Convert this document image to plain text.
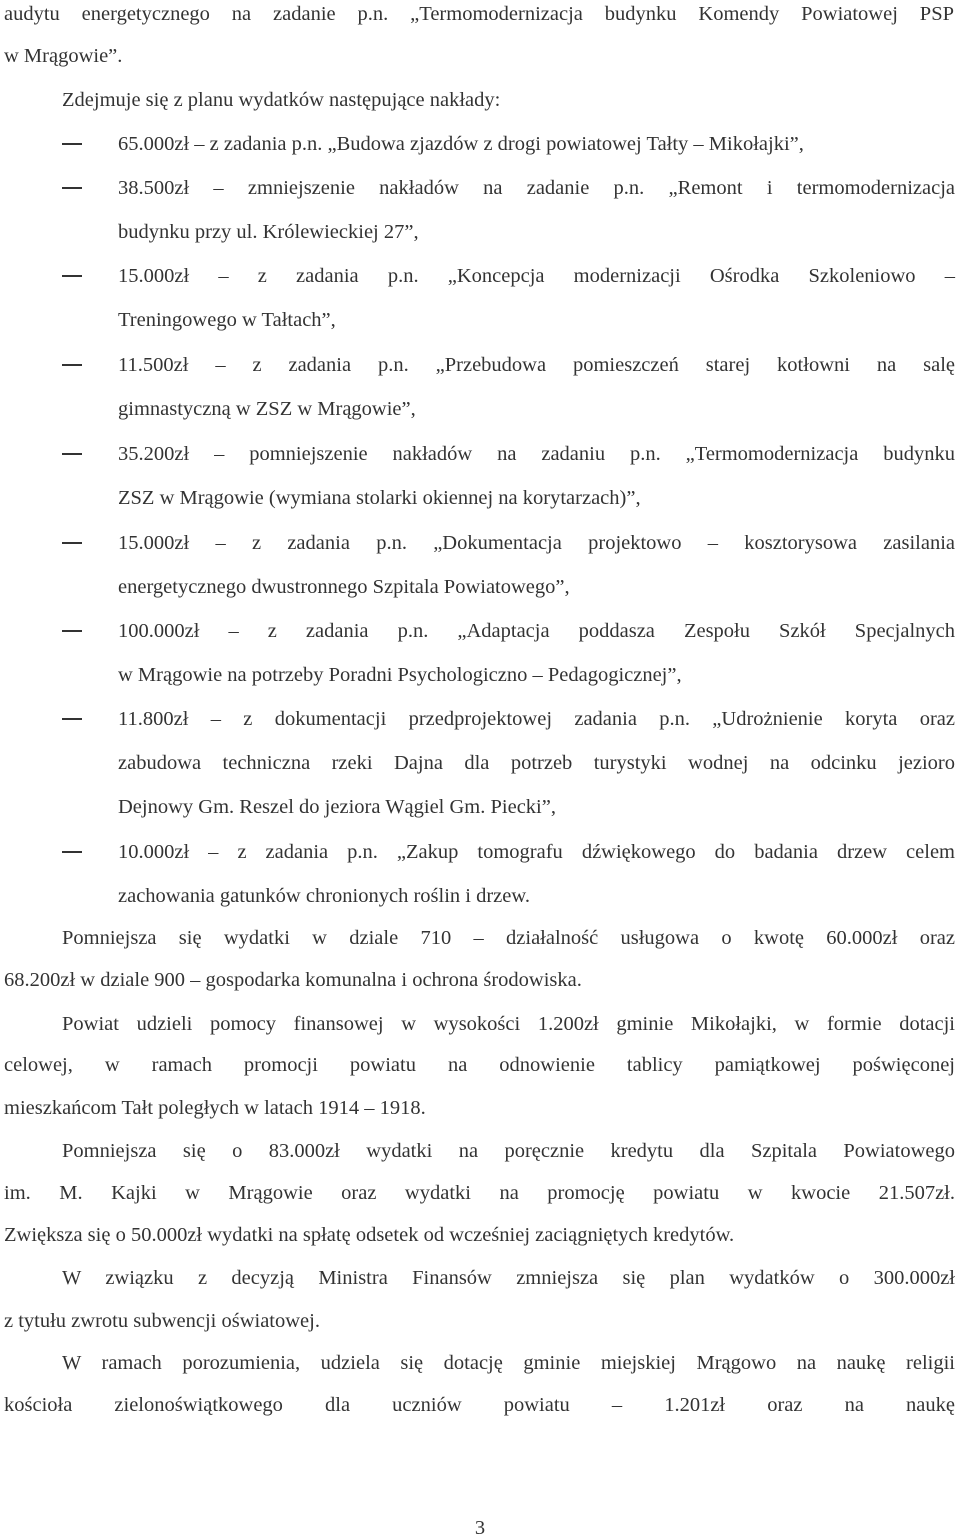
audytu energetycznego na zadanie p.n. „Termomodernizacja budynku Komendy Powiatowej PSP
w Mrągowie”.
Zdejmuje się z planu wydatków następujące nakłady:
65.000zł – z zadania p.n. „Budowa zjazdów z drogi powiatowej Tałty – Mikołajki”,
38.500zł – zmniejszenie nakładów na zadanie p.n. „Remont i termomodernizacja
budynku przy ul. Królewieckiej 27”,
15.000zł – z zadania p.n. „Koncepcja modernizacji Ośrodka Szkoleniowo –
Treningowego w Tałtach”,
11.500zł – z zadania p.n. „Przebudowa pomieszczeń starej kotłowni na salę
gimnastyczną w ZSZ w Mrągowie”,
35.200zł – pomniejszenie nakładów na zadaniu p.n. „Termomodernizacja budynku
ZSZ w Mrągowie (wymiana stolarki okiennej na korytarzach)”,
15.000zł – z zadania p.n. „Dokumentacja projektowo – kosztorysowa zasilania
energetycznego dwustronnego Szpitala Powiatowego”,
100.000zł – z zadania p.n. „Adaptacja poddasza Zespołu Szkół Specjalnych
w Mrągowie na potrzeby Poradni Psychologiczno – Pedagogicznej”,
11.800zł – z dokumentacji przedprojektowej zadania p.n. „Udrożnienie koryta oraz
zabudowa techniczna rzeki Dajna dla potrzeb turystyki wodnej na odcinku jezioro
Dejnowy Gm. Reszel do jeziora Wągiel Gm. Piecki”,
10.000zł – z zadania p.n. „Zakup tomografu dźwiękowego do badania drzew celem
zachowania gatunków chronionych roślin i drzew.
Pomniejsza się wydatki w dziale 710 – działalność usługowa o kwotę 60.000zł oraz
68.200zł w dziale 900 – gospodarka komunalna i ochrona środowiska.
Powiat udzieli pomocy finansowej w wysokości 1.200zł gminie Mikołajki, w formie dotacji
celowej, w ramach promocji powiatu na odnowienie tablicy pamiątkowej poświęconej
mieszkańcom Tałt poległych w latach 1914 – 1918.
Pomniejsza się o 83.000zł wydatki na poręcznie kredytu dla Szpitala Powiatowego
im. M. Kajki w Mrągowie oraz wydatki na promocję powiatu w kwocie 21.507zł.
Zwiększa się o 50.000zł wydatki na spłatę odsetek od wcześniej zaciągniętych kredytów.
W związku z decyzją Ministra Finansów zmniejsza się plan wydatków o 300.000zł
z tytułu zwrotu subwencji oświatowej.
W ramach porozumienia, udziela się dotację gminie miejskiej Mrągowo na naukę religii
kościoła zielonoświątkowego dla uczniów powiatu – 1.201zł oraz na naukę
3
